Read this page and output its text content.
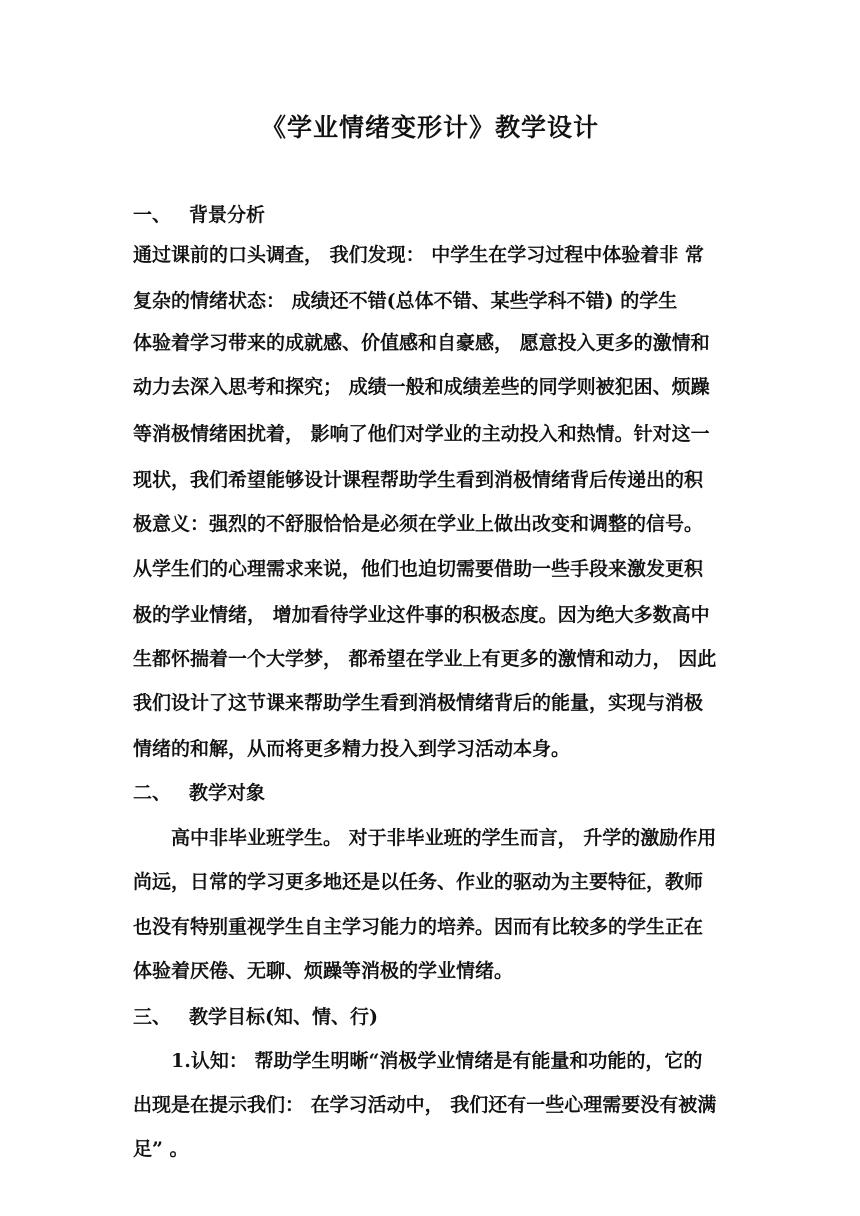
《学业情绪变形计》教学设计
一、 背景分析
通过课前的口头调查， 我们发现： 中学生在学习过程中体验着非 常
复杂的情绪状态： 成绩还不错(总体不错、某些学科不错) 的学生
体验着学习带来的成就感、价值感和自豪感， 愿意投入更多的激情和
动力去深入思考和探究； 成绩一般和成绩差些的同学则被犯困、烦躁
等消极情绪困扰着， 影响了他们对学业的主动投入和热情。针对这一
现状，我们希望能够设计课程帮助学生看到消极情绪背后传递出的积
极意义：强烈的不舒服恰恰是必须在学业上做出改变和调整的信号。
从学生们的心理需求来说，他们也迫切需要借助一些手段来激发更积
极的学业情绪， 增加看待学业这件事的积极态度。因为绝大多数高中
生都怀揣着一个大学梦， 都希望在学业上有更多的激情和动力， 因此
我们设计了这节课来帮助学生看到消极情绪背后的能量，实现与消极
情绪的和解，从而将更多精力投入到学习活动本身。
二、 教学对象
高中非毕业班学生。 对于非毕业班的学生而言， 升学的激励作用
尚远，日常的学习更多地还是以任务、作业的驱动为主要特征，教师
也没有特别重视学生自主学习能力的培养。因而有比较多的学生正在
体验着厌倦、无聊、烦躁等消极的学业情绪。
三、 教学目标(知、情、行)
1.认知： 帮助学生明晰“消极学业情绪是有能量和功能的，它的
出现是在提示我们： 在学习活动中， 我们还有一些心理需要没有被满
足” 。
